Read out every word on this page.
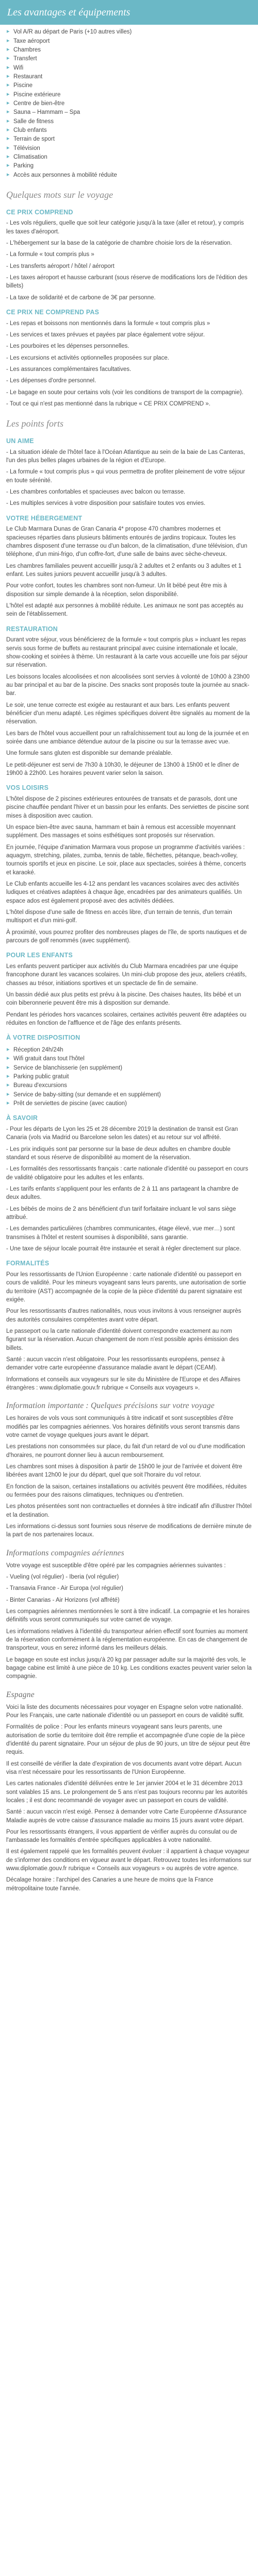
Les avantages et équipements
▸ Vol A/R au départ de Paris (+10 autres villes)
▸ Taxe aéroport
▸ Chambres
▸ Transfert
▸ Wifi
▸ Restaurant
▸ Piscine
▸ Piscine extérieure
▸ Centre de bien-être
▸ Sauna – Hammam – Spa
▸ Salle de fitness
▸ Club enfants
▸ Terrain de sport
▸ Télévision
▸ Climatisation
▸ Parking
▸ Accès aux personnes à mobilité réduite
Quelques mots sur le voyage
CE PRIX COMPREND

- Les vols réguliers, quelle que soit leur catégorie jusqu'à la taxe (aller et retour), y compris les taxes d'aéroport.

- L'hébergement sur la base de la catégorie de chambre choisie lors de la réservation.

- La formule « tout compris plus »

- Les transferts aéroport / hôtel / aéroport

- Les taxes aéroport et hausse carburant (sous réserve de modifications lors de l'édition des billets)

- La taxe de solidarité et de carbone de 3€ par personne.

CE PRIX NE COMPREND PAS

- Les repas et boissons non mentionnés dans la formule « tout compris plus »

- Les services et taxes prévues et payées par place également votre séjour.

- Les pourboires et les dépenses personnelles.

- Les excursions et activités optionnelles proposées sur place.

- Les assurances complémentaires facultatives.

- Les dépenses d'ordre personnel.

- Le bagage en soute pour certains vols (voir les conditions de transport de la compagnie).

- Tout ce qui n'est pas mentionné dans la rubrique « CE PRIX COMPREND ».

Les points forts
UN AIME

- La situation idéale de l'hôtel face à l'Océan Atlantique au sein de la baie de Las Canteras, l'un des plus belles plages urbaines de la région et d'Europe.

- La formule « tout compris plus » qui vous permettra de profiter pleinement de votre séjour en toute sérénité.

- Les chambres confortables et spacieuses avec balcon ou terrasse.

- Les multiples services à votre disposition pour satisfaire toutes vos envies.

VOTRE HÉBERGEMENT

Le Club Marmara Dunas de Gran Canaria 4* propose 470 chambres modernes et spacieuses réparties dans plusieurs bâtiments entourés de jardins tropicaux. Toutes les chambres disposent d'une terrasse ou d'un balcon, de la climatisation, d'une télévision, d'un téléphone, d'un mini-frigo, d'un coffre-fort, d'une salle de bains avec sèche-cheveux.

Les chambres familiales peuvent accueillir jusqu'à 2 adultes et 2 enfants ou 3 adultes et 1 enfant. Les suites juniors peuvent accueillir jusqu'à 3 adultes.

Pour votre confort, toutes les chambres sont non-fumeur. Un lit bébé peut être mis à disposition sur simple demande à la réception, selon disponibilité.

L'hôtel est adapté aux personnes à mobilité réduite. Les animaux ne sont pas acceptés au sein de l'établissement.

RESTAURATION

Durant votre séjour, vous bénéficierez de la formule « tout compris plus » incluant les repas servis sous forme de buffets au restaurant principal avec cuisine internationale et locale, show-cooking et soirées à thème. Un restaurant à la carte vous accueille une fois par séjour sur réservation.

Les boissons locales alcoolisées et non alcoolisées sont servies à volonté de 10h00 à 23h00 au bar principal et au bar de la piscine. Des snacks sont proposés toute la journée au snack-bar.

Le soir, une tenue correcte est exigée au restaurant et aux bars. Les enfants peuvent bénéficier d'un menu adapté. Les régimes spécifiques doivent être signalés au moment de la réservation.

Les bars de l'hôtel vous accueillent pour un rafraîchissement tout au long de la journée et en soirée dans une ambiance détendue autour de la piscine ou sur la terrasse avec vue.

Une formule sans gluten est disponible sur demande préalable.

Le petit-déjeuner est servi de 7h30 à 10h30, le déjeuner de 13h00 à 15h00 et le dîner de 19h00 à 22h00. Les horaires peuvent varier selon la saison.

VOS LOISIRS

L'hôtel dispose de 2 piscines extérieures entourées de transats et de parasols, dont une piscine chauffée pendant l'hiver et un bassin pour les enfants. Des serviettes de piscine sont mises à disposition avec caution.

Un espace bien-être avec sauna, hammam et bain à remous est accessible moyennant supplément. Des massages et soins esthétiques sont proposés sur réservation.

En journée, l'équipe d'animation Marmara vous propose un programme d'activités variées : aquagym, stretching, pilates, zumba, tennis de table, fléchettes, pétanque, beach-volley, tournois sportifs et jeux en piscine. Le soir, place aux spectacles, soirées à thème, concerts et karaoké.

Le Club enfants accueille les 4-12 ans pendant les vacances scolaires avec des activités ludiques et créatives adaptées à chaque âge, encadrées par des animateurs qualifiés. Un espace ados est également proposé avec des activités dédiées.

L'hôtel dispose d'une salle de fitness en accès libre, d'un terrain de tennis, d'un terrain multisport et d'un mini-golf.

À proximité, vous pourrez profiter des nombreuses plages de l'île, de sports nautiques et de parcours de golf renommés (avec supplément).

POUR LES ENFANTS

Les enfants peuvent participer aux activités du Club Marmara encadrées par une équipe francophone durant les vacances scolaires. Un mini-club propose des jeux, ateliers créatifs, chasses au trésor, initiations sportives et un spectacle de fin de semaine.

Un bassin dédié aux plus petits est prévu à la piscine. Des chaises hautes, lits bébé et un coin biberonnerie peuvent être mis à disposition sur demande.

Pendant les périodes hors vacances scolaires, certaines activités peuvent être adaptées ou réduites en fonction de l'affluence et de l'âge des enfants présents.

À VOTRE DISPOSITION
▸ Réception 24h/24h
▸ Wifi gratuit dans tout l'hôtel
▸ Service de blanchisserie (en supplément)
▸ Parking public gratuit
▸ Bureau d'excursions
▸ Service de baby-sitting (sur demande et en supplément)
▸ Prêt de serviettes de piscine (avec caution)
À SAVOIR

- Pour les départs de Lyon les 25 et 28 décembre 2019 la destination de transit est Gran Canaria (vols via Madrid ou Barcelone selon les dates) et au retour sur vol affrété.

- Les prix indiqués sont par personne sur la base de deux adultes en chambre double standard et sous réserve de disponibilité au moment de la réservation.

- Les formalités des ressortissants français : carte nationale d'identité ou passeport en cours de validité obligatoire pour les adultes et les enfants.

- Les tarifs enfants s'appliquent pour les enfants de 2 à 11 ans partageant la chambre de deux adultes.

- Les bébés de moins de 2 ans bénéficient d'un tarif forfaitaire incluant le vol sans siège attribué.

- Les demandes particulières (chambres communicantes, étage élevé, vue mer…) sont transmises à l'hôtel et restent soumises à disponibilité, sans garantie.

- Une taxe de séjour locale pourrait être instaurée et serait à régler directement sur place.

FORMALITÉS

Pour les ressortissants de l'Union Européenne : carte nationale d'identité ou passeport en cours de validité. Pour les mineurs voyageant sans leurs parents, une autorisation de sortie du territoire (AST) accompagnée de la copie de la pièce d'identité du parent signataire est exigée.

Pour les ressortissants d'autres nationalités, nous vous invitons à vous renseigner auprès des autorités consulaires compétentes avant votre départ.

Le passeport ou la carte nationale d'identité doivent correspondre exactement au nom figurant sur la réservation. Aucun changement de nom n'est possible après émission des billets.

Santé : aucun vaccin n'est obligatoire. Pour les ressortissants européens, pensez à demander votre carte européenne d'assurance maladie avant le départ (CEAM).

Informations et conseils aux voyageurs sur le site du Ministère de l'Europe et des Affaires étrangères : www.diplomatie.gouv.fr rubrique « Conseils aux voyageurs ».

Information importante : Quelques précisions sur votre voyage

Les horaires de vols vous sont communiqués à titre indicatif et sont susceptibles d'être modifiés par les compagnies aériennes. Vos horaires définitifs vous seront transmis dans votre carnet de voyage quelques jours avant le départ.

Les prestations non consommées sur place, du fait d'un retard de vol ou d'une modification d'horaires, ne pourront donner lieu à aucun remboursement.

Les chambres sont mises à disposition à partir de 15h00 le jour de l'arrivée et doivent être libérées avant 12h00 le jour du départ, quel que soit l'horaire du vol retour.

En fonction de la saison, certaines installations ou activités peuvent être modifiées, réduites ou fermées pour des raisons climatiques, techniques ou d'entretien.

Les photos présentées sont non contractuelles et données à titre indicatif afin d'illustrer l'hôtel et la destination.

Les informations ci-dessus sont fournies sous réserve de modifications de dernière minute de la part de nos partenaires locaux.

Informations compagnies aériennes

Votre voyage est susceptible d'être opéré par les compagnies aériennes suivantes :

- Vueling (vol régulier) - Iberia (vol régulier)

- Transavia France - Air Europa (vol régulier)

- Binter Canarias - Air Horizons (vol affrété)

Les compagnies aériennes mentionnées le sont à titre indicatif. La compagnie et les horaires définitifs vous seront communiqués sur votre carnet de voyage.

Les informations relatives à l'identité du transporteur aérien effectif sont fournies au moment de la réservation conformément à la réglementation européenne. En cas de changement de transporteur, vous en serez informé dans les meilleurs délais.

Le bagage en soute est inclus jusqu'à 20 kg par passager adulte sur la majorité des vols, le bagage cabine est limité à une pièce de 10 kg. Les conditions exactes peuvent varier selon la compagnie.

Espagne

Voici la liste des documents nécessaires pour voyager en Espagne selon votre nationalité. Pour les Français, une carte nationale d'identité ou un passeport en cours de validité suffit.

Formalités de police : Pour les enfants mineurs voyageant sans leurs parents, une autorisation de sortie du territoire doit être remplie et accompagnée d'une copie de la pièce d'identité du parent signataire. Pour un séjour de plus de 90 jours, un titre de séjour peut être requis.

Il est conseillé de vérifier la date d'expiration de vos documents avant votre départ. Aucun visa n'est nécessaire pour les ressortissants de l'Union Européenne.

Les cartes nationales d'identité délivrées entre le 1er janvier 2004 et le 31 décembre 2013 sont valables 15 ans. Le prolongement de 5 ans n'est pas toujours reconnu par les autorités locales ; il est donc recommandé de voyager avec un passeport en cours de validité.

Santé : aucun vaccin n'est exigé. Pensez à demander votre Carte Européenne d'Assurance Maladie auprès de votre caisse d'assurance maladie au moins 15 jours avant votre départ.

Pour les ressortissants étrangers, il vous appartient de vérifier auprès du consulat ou de l'ambassade les formalités d'entrée spécifiques applicables à votre nationalité.

Il est également rappelé que les formalités peuvent évoluer : il appartient à chaque voyageur de s'informer des conditions en vigueur avant le départ. Retrouvez toutes les informations sur www.diplomatie.gouv.fr rubrique « Conseils aux voyageurs » ou auprès de votre agence.

Décalage horaire : l'archipel des Canaries a une heure de moins que la France métropolitaine toute l'année.
